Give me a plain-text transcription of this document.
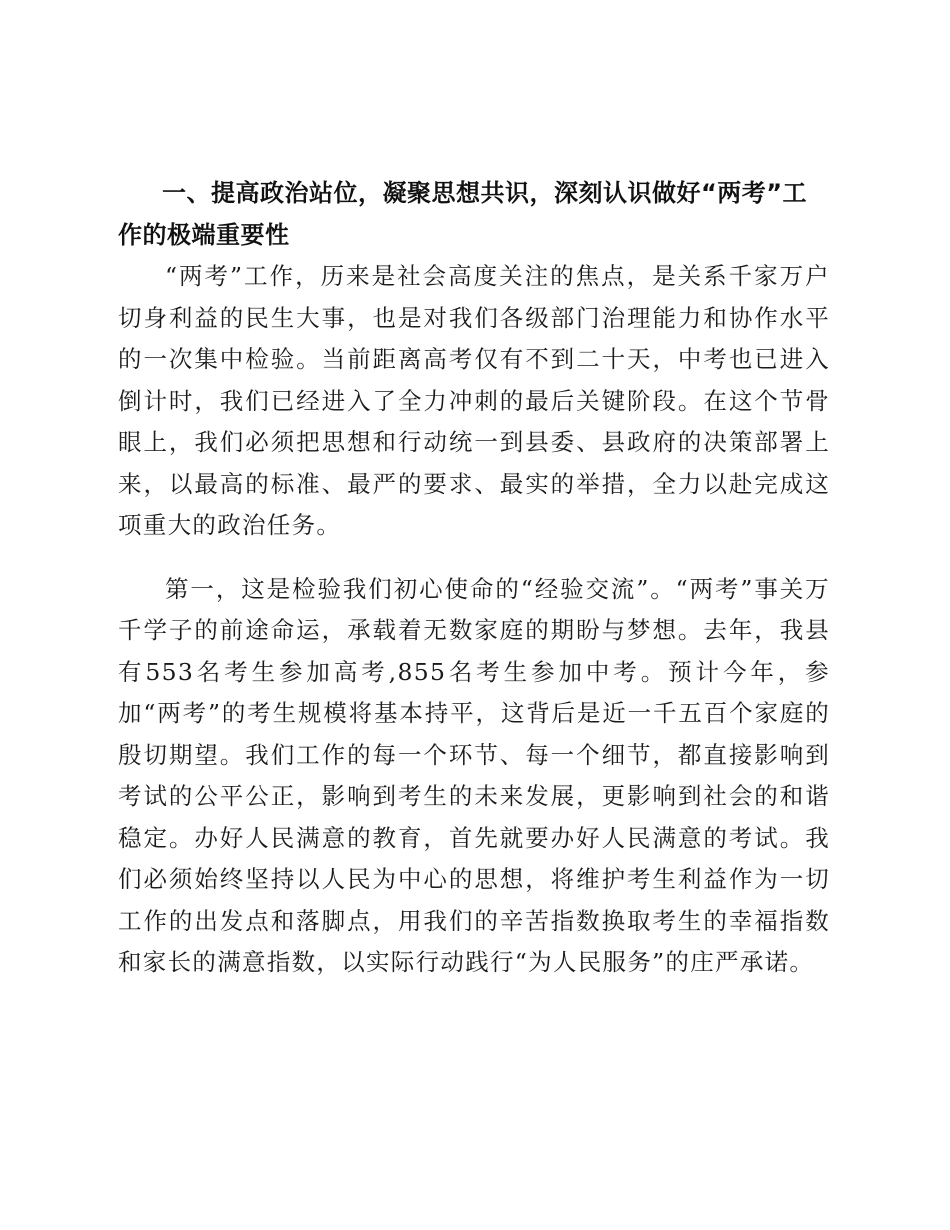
一、提高政治站位，凝聚思想共识，深刻认识做好“两考”工作的极端重要性

“两考”工作，历来是社会高度关注的焦点，是关系千家万户切身利益的民生大事，也是对我们各级部门治理能力和协作水平的一次集中检验。当前距离高考仅有不到二十天，中考也已进入倒计时，我们已经进入了全力冲刺的最后关键阶段。在这个节骨眼上，我们必须把思想和行动统一到县委、县政府的决策部署上来，以最高的标准、最严的要求、最实的举措，全力以赴完成这项重大的政治任务。

第一，这是检验我们初心使命的“经验交流”。“两考”事关万千学子的前途命运，承载着无数家庭的期盼与梦想。去年，我县有553名考生参加高考,855名考生参加中考。预计今年，参加“两考”的考生规模将基本持平，这背后是近一千五百个家庭的殷切期望。我们工作的每一个环节、每一个细节，都直接影响到考试的公平公正，影响到考生的未来发展，更影响到社会的和谐稳定。办好人民满意的教育，首先就要办好人民满意的考试。我们必须始终坚持以人民为中心的思想，将维护考生利益作为一切工作的出发点和落脚点，用我们的辛苦指数换取考生的幸福指数和家长的满意指数，以实际行动践行“为人民服务”的庄严承诺。
